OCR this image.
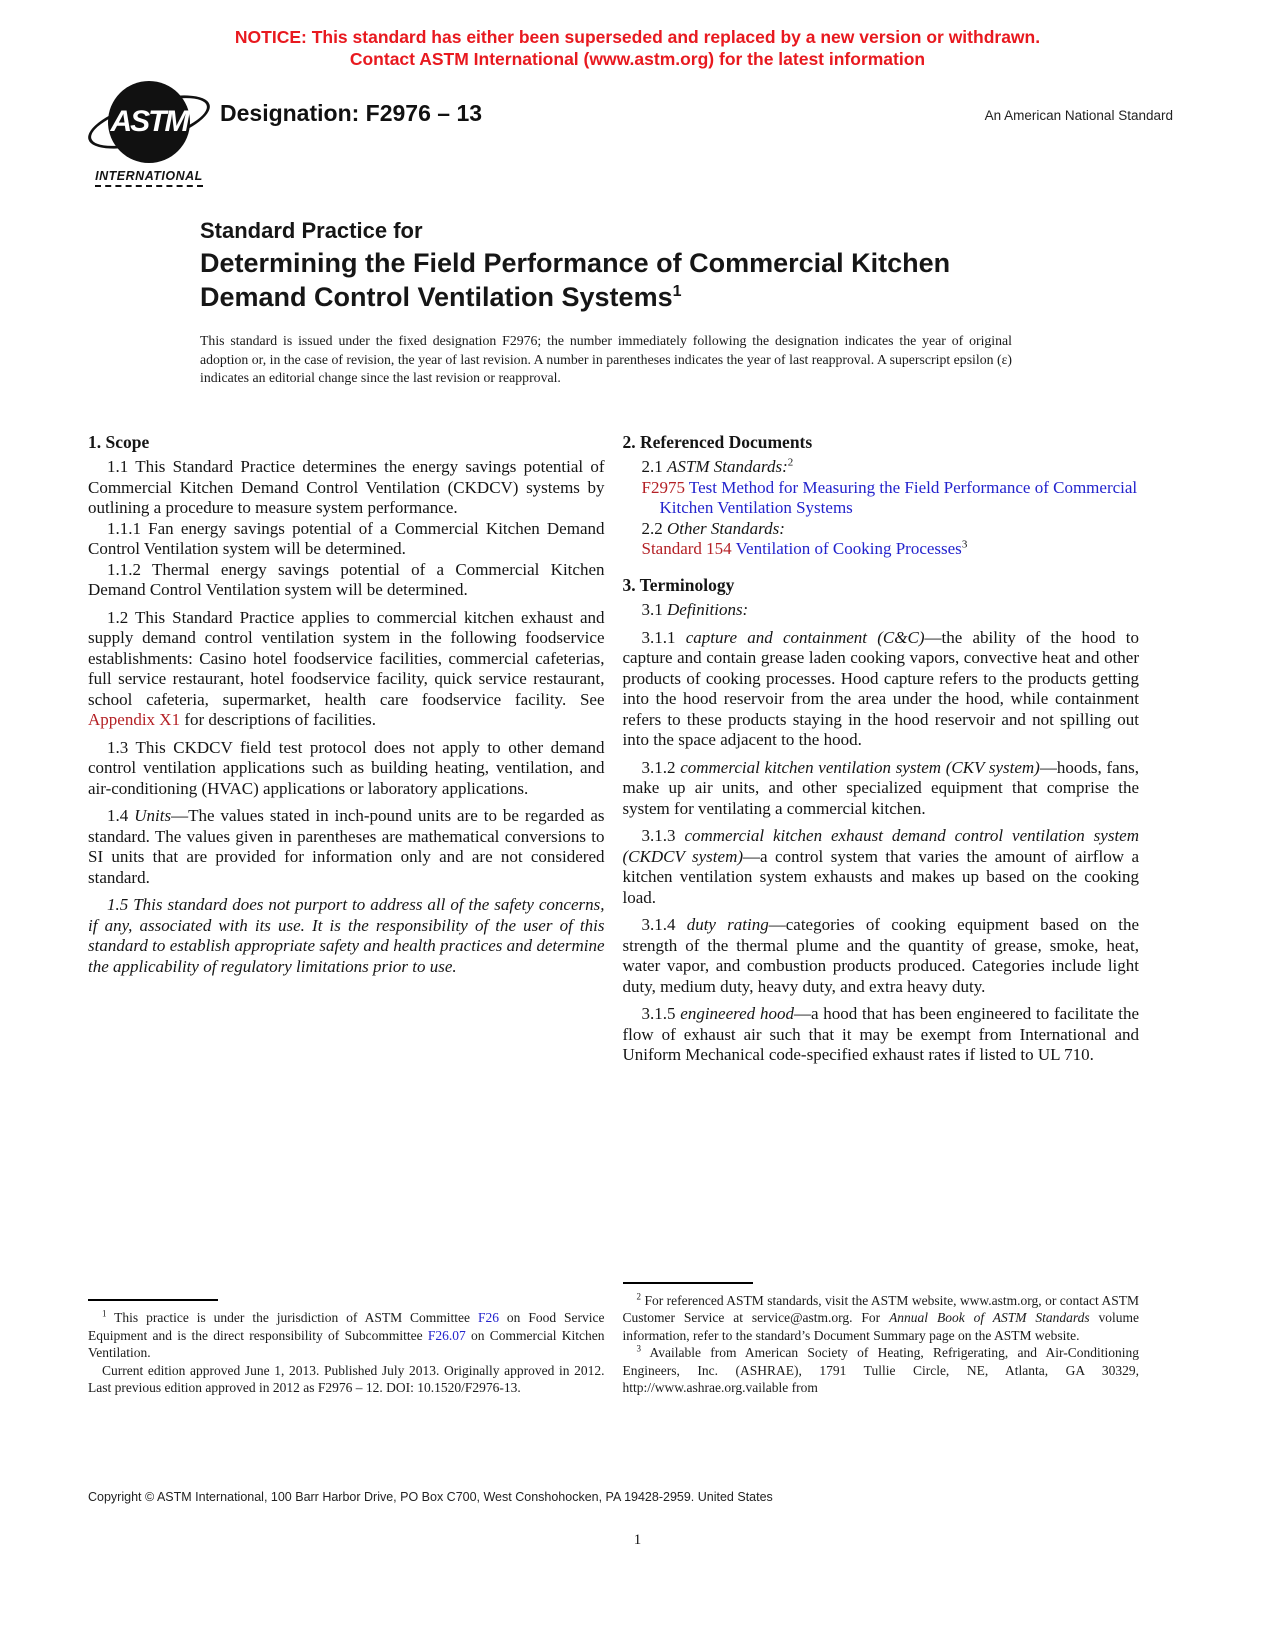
NOTICE: This standard has either been superseded and replaced by a new version or withdrawn.
Contact ASTM International (www.astm.org) for the latest information
ASTM
INTERNATIONAL
Designation: F2976 – 13	An American National Standard
Standard Practice for
Determining the Field Performance of Commercial Kitchen
Demand Control Ventilation Systems$^1$

This standard is issued under the fixed designation F2976; the number immediately following the designation indicates the year of original adoption or, in the case of revision, the year of last revision. A number in parentheses indicates the year of last reapproval. A superscript epsilon (ε) indicates an editorial change since the last revision or reapproval.

1. Scope

1.1 This Standard Practice determines the energy savings potential of Commercial Kitchen Demand Control Ventilation (CKDCV) systems by outlining a procedure to measure system performance.

1.1.1 Fan energy savings potential of a Commercial Kitchen Demand Control Ventilation system will be determined.

1.1.2 Thermal energy savings potential of a Commercial Kitchen Demand Control Ventilation system will be determined.

1.2 This Standard Practice applies to commercial kitchen exhaust and supply demand control ventilation system in the following foodservice establishments: Casino hotel foodservice facilities, commercial cafeterias, full service restaurant, hotel foodservice facility, quick service restaurant, school cafeteria, supermarket, health care foodservice facility. See Appendix X1 for descriptions of facilities.

1.3 This CKDCV field test protocol does not apply to other demand control ventilation applications such as building heating, ventilation, and air-conditioning (HVAC) applications or laboratory applications.

1.4 Units—The values stated in inch-pound units are to be regarded as standard. The values given in parentheses are mathematical conversions to SI units that are provided for information only and are not considered standard.

1.5 This standard does not purport to address all of the safety concerns, if any, associated with its use. It is the responsibility of the user of this standard to establish appropriate safety and health practices and determine the applicability of regulatory limitations prior to use.

$^1$ This practice is under the jurisdiction of ASTM Committee F26 on Food Service Equipment and is the direct responsibility of Subcommittee F26.07 on Commercial Kitchen Ventilation.

Current edition approved June 1, 2013. Published July 2013. Originally approved in 2012. Last previous edition approved in 2012 as F2976 – 12. DOI: 10.1520/F2976-13.

2. Referenced Documents

2.1 ASTM Standards:$^2$

F2975 Test Method for Measuring the Field Performance of Commercial Kitchen Ventilation Systems

2.2 Other Standards:

Standard 154 Ventilation of Cooking Processes$^3$

3. Terminology

3.1 Definitions:

3.1.1 capture and containment (C&C)—the ability of the hood to capture and contain grease laden cooking vapors, convective heat and other products of cooking processes. Hood capture refers to the products getting into the hood reservoir from the area under the hood, while containment refers to these products staying in the hood reservoir and not spilling out into the space adjacent to the hood.

3.1.2 commercial kitchen ventilation system (CKV system)—hoods, fans, make up air units, and other specialized equipment that comprise the system for ventilating a commercial kitchen.

3.1.3 commercial kitchen exhaust demand control ventilation system (CKDCV system)—a control system that varies the amount of airflow a kitchen ventilation system exhausts and makes up based on the cooking load.

3.1.4 duty rating—categories of cooking equipment based on the strength of the thermal plume and the quantity of grease, smoke, heat, water vapor, and combustion products produced. Categories include light duty, medium duty, heavy duty, and extra heavy duty.

3.1.5 engineered hood—a hood that has been engineered to facilitate the flow of exhaust air such that it may be exempt from International and Uniform Mechanical code-specified exhaust rates if listed to UL 710.

$^2$ For referenced ASTM standards, visit the ASTM website, www.astm.org, or contact ASTM Customer Service at service@astm.org. For Annual Book of ASTM Standards volume information, refer to the standard’s Document Summary page on the ASTM website.

$^3$ Available from American Society of Heating, Refrigerating, and Air-Conditioning Engineers, Inc. (ASHRAE), 1791 Tullie Circle, NE, Atlanta, GA 30329, http://www.ashrae.org.vailable from

Copyright © ASTM International, 100 Barr Harbor Drive, PO Box C700, West Conshohocken, PA 19428-2959. United States
1
